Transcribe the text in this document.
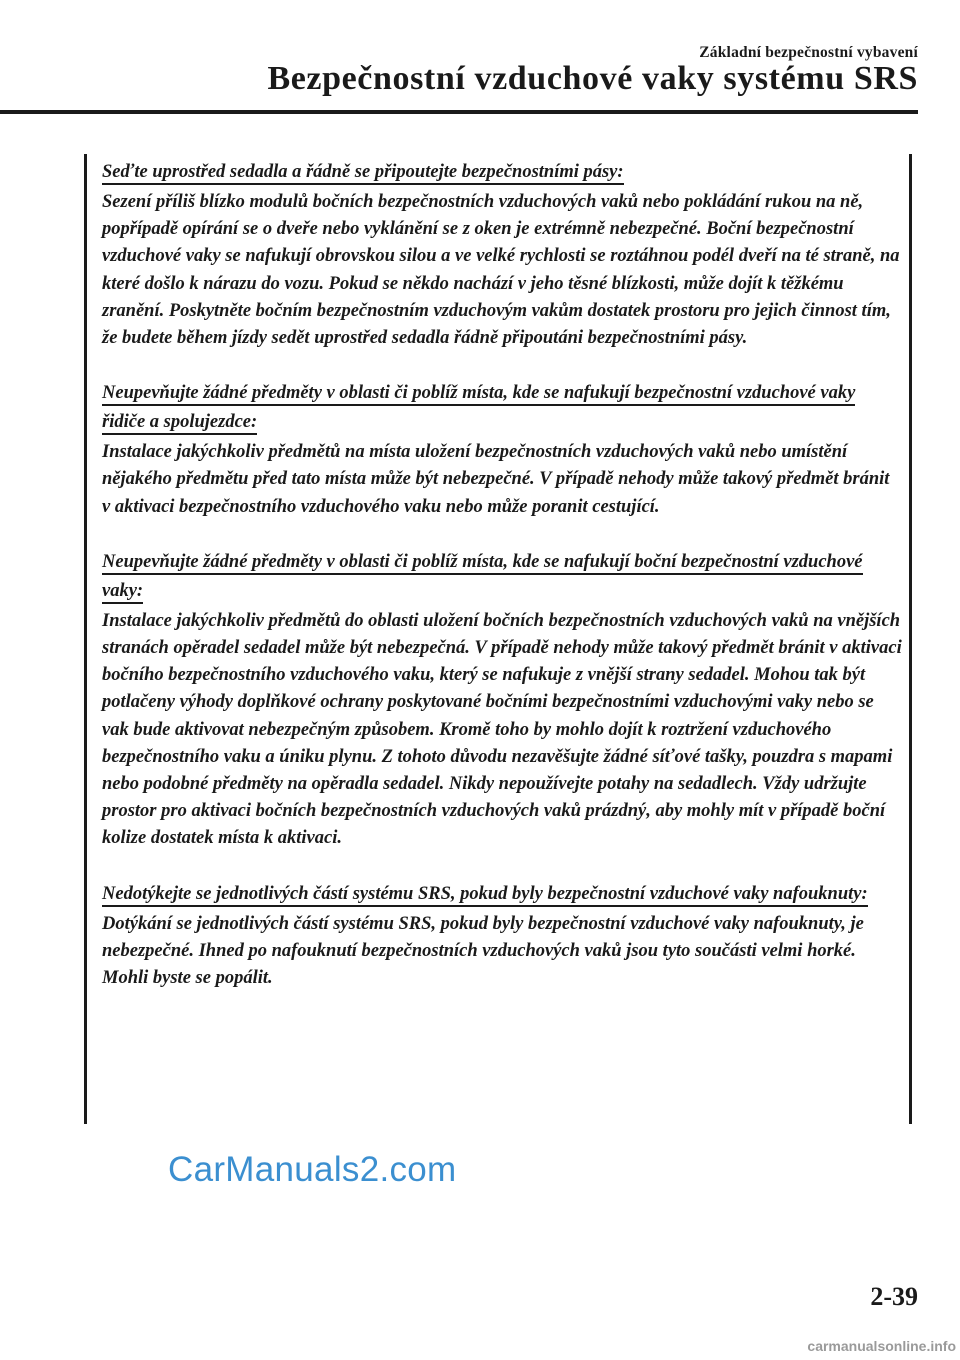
Základní bezpečnostní vybavení
Bezpečnostní vzduchové vaky systému SRS
Seďte uprostřed sedadla a řádně se připoutejte bezpečnostními pásy:

Sezení příliš blízko modulů bočních bezpečnostních vzduchových vaků nebo pokládání rukou na ně, popřípadě opírání se o dveře nebo vyklánění se z oken je extrémně nebezpečné. Boční bezpečnostní vzduchové vaky se nafukují obrovskou silou a ve velké rychlosti se roztáhnou podél dveří na té straně, na které došlo k nárazu do vozu. Pokud se někdo nachází v jeho těsné blízkosti, může dojít k těžkému zranění. Poskytněte bočním bezpečnostním vzduchovým vakům dostatek prostoru pro jejich činnost tím, že budete během jízdy sedět uprostřed sedadla řádně připoutáni bezpečnostními pásy.

Neupevňujte žádné předměty v oblasti či poblíž místa, kde se nafukují bezpečnostní vzduchové vaky řidiče a spolujezdce:

Instalace jakýchkoliv předmětů na místa uložení bezpečnostních vzduchových vaků nebo umístění nějakého předmětu před tato místa může být nebezpečné. V případě nehody může takový předmět bránit v aktivaci bezpečnostního vzduchového vaku nebo může poranit cestující.

Neupevňujte žádné předměty v oblasti či poblíž místa, kde se nafukují boční bezpečnostní vzduchové vaky:

Instalace jakýchkoliv předmětů do oblasti uložení bočních bezpečnostních vzduchových vaků na vnějších stranách opěradel sedadel může být nebezpečná. V případě nehody může takový předmět bránit v aktivaci bočního bezpečnostního vzduchového vaku, který se nafukuje z vnější strany sedadel. Mohou tak být potlačeny výhody doplňkové ochrany poskytované bočními bezpečnostními vzduchovými vaky nebo se vak bude aktivovat nebezpečným způsobem. Kromě toho by mohlo dojít k roztržení vzduchového bezpečnostního vaku a úniku plynu. Z tohoto důvodu nezavěšujte žádné síťové tašky, pouzdra s mapami nebo podobné předměty na opěradla sedadel. Nikdy nepoužívejte potahy na sedadlech. Vždy udržujte prostor pro aktivaci bočních bezpečnostních vzduchových vaků prázdný, aby mohly mít v případě boční kolize dostatek místa k aktivaci.

Nedotýkejte se jednotlivých částí systému SRS, pokud byly bezpečnostní vzduchové vaky nafouknuty:

Dotýkání se jednotlivých částí systému SRS, pokud byly bezpečnostní vzduchové vaky nafouknuty, je nebezpečné. Ihned po nafouknutí bezpečnostních vzduchových vaků jsou tyto součásti velmi horké. Mohli byste se popálit.

CarManuals2.com
2-39
carmanualsonline.info
